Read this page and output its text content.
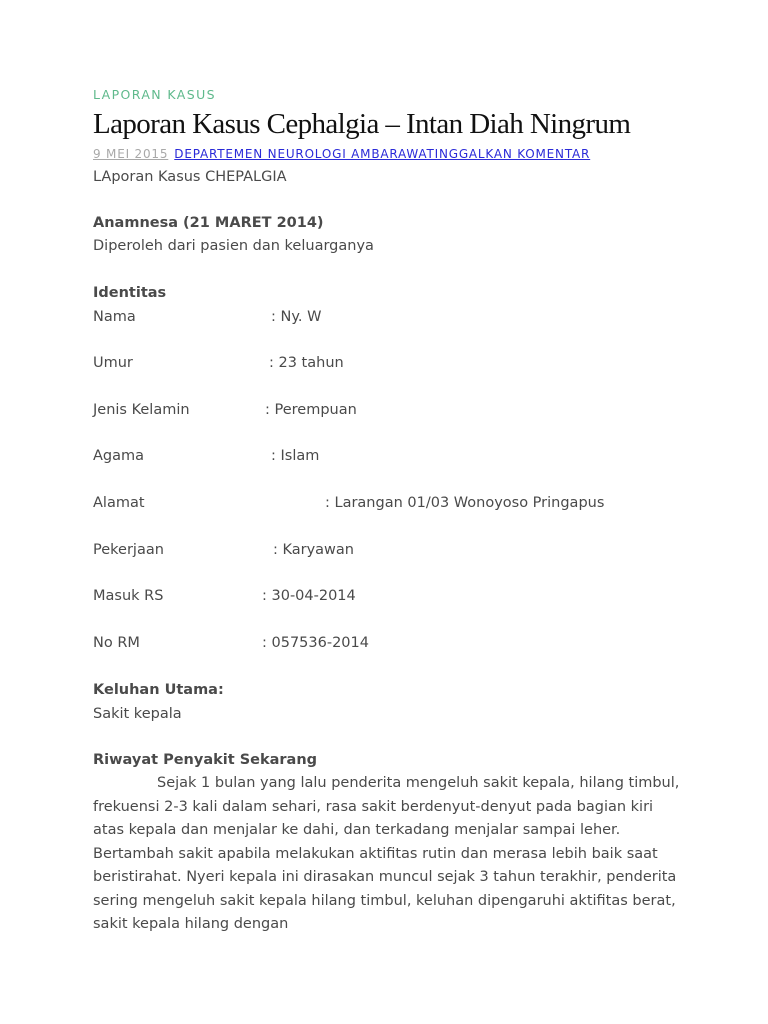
LAPORAN KASUS
Laporan Kasus Cephalgia – Intan Diah Ningrum
9 MEI 2015 DEPARTEMEN NEUROLOGI AMBARAWATINGGALKAN KOMENTAR
LAporan Kasus CHEPALGIA
Anamnesa (21 MARET 2014)
Diperoleh dari pasien dan keluarganya
Identitas
Nama	: Ny. W
Umur	: 23 tahun
Jenis Kelamin	: Perempuan
Agama	: Islam
Alamat	: Larangan 01/03 Wonoyoso Pringapus
Pekerjaan	: Karyawan
Masuk RS	: 30-04-2014
No RM	: 057536-2014
Keluhan Utama:
Sakit kepala
Riwayat Penyakit Sekarang

Sejak 1 bulan yang lalu penderita mengeluh sakit kepala, hilang timbul, frekuensi 2-3 kali dalam sehari, rasa sakit berdenyut-denyut pada bagian kiri atas kepala dan menjalar ke dahi, dan terkadang menjalar sampai leher. Bertambah sakit apabila melakukan aktifitas rutin dan merasa lebih baik saat beristirahat. Nyeri kepala ini dirasakan muncul sejak 3 tahun terakhir, penderita sering mengeluh sakit kepala hilang timbul, keluhan dipengaruhi aktifitas berat, sakit kepala hilang dengan
